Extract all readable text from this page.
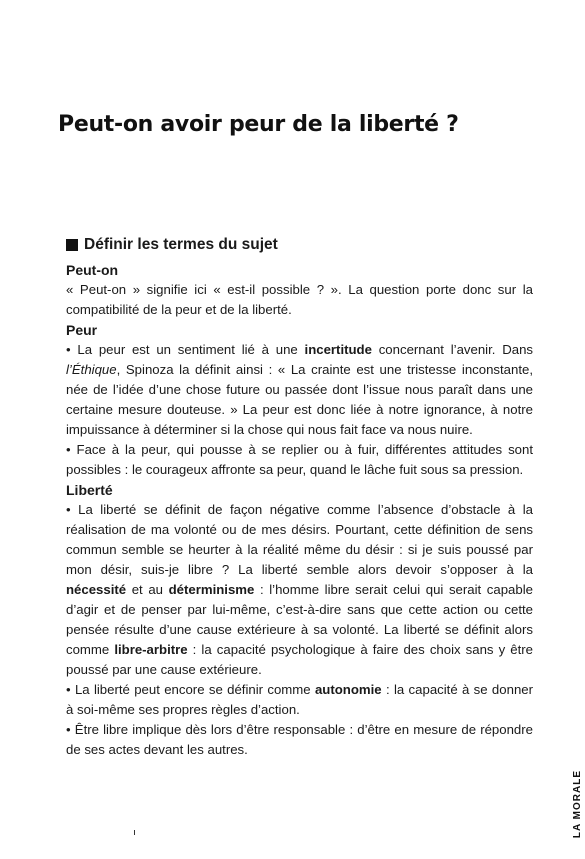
Peut-on avoir peur de la liberté ?
Définir les termes du sujet

Peut-on

« Peut-on » signifie ici « est-il possible ? ». La question porte donc sur la compatibilité de la peur et de la liberté.

Peur

• La peur est un sentiment lié à une incertitude concernant l’avenir. Dans l’Éthique, Spinoza la définit ainsi : « La crainte est une tristesse inconstante, née de l’idée d’une chose future ou passée dont l’issue nous paraît dans une certaine mesure douteuse. » La peur est donc liée à notre ignorance, à notre impuissance à déterminer si la chose qui nous fait face va nous nuire.

• Face à la peur, qui pousse à se replier ou à fuir, différentes attitudes sont possibles : le courageux affronte sa peur, quand le lâche fuit sous sa pression.

Liberté

• La liberté se définit de façon négative comme l’absence d’obstacle à la réalisation de ma volonté ou de mes désirs. Pourtant, cette définition de sens commun semble se heurter à la réalité même du désir : si je suis poussé par mon désir, suis-je libre ? La liberté semble alors devoir s’opposer à la nécessité et au déterminisme : l’homme libre serait celui qui serait capable d’agir et de penser par lui-même, c’est-à-dire sans que cette action ou cette pensée résulte d’une cause extérieure à sa volonté. La liberté se définit alors comme libre-arbitre : la capacité psychologique à faire des choix sans y être poussé par une cause extérieure.

• La liberté peut encore se définir comme autonomie : la capacité à se donner à soi-même ses propres règles d’action.

• Être libre implique dès lors d’être responsable : d’être en mesure de répondre de ses actes devant les autres.

LA MORALE
